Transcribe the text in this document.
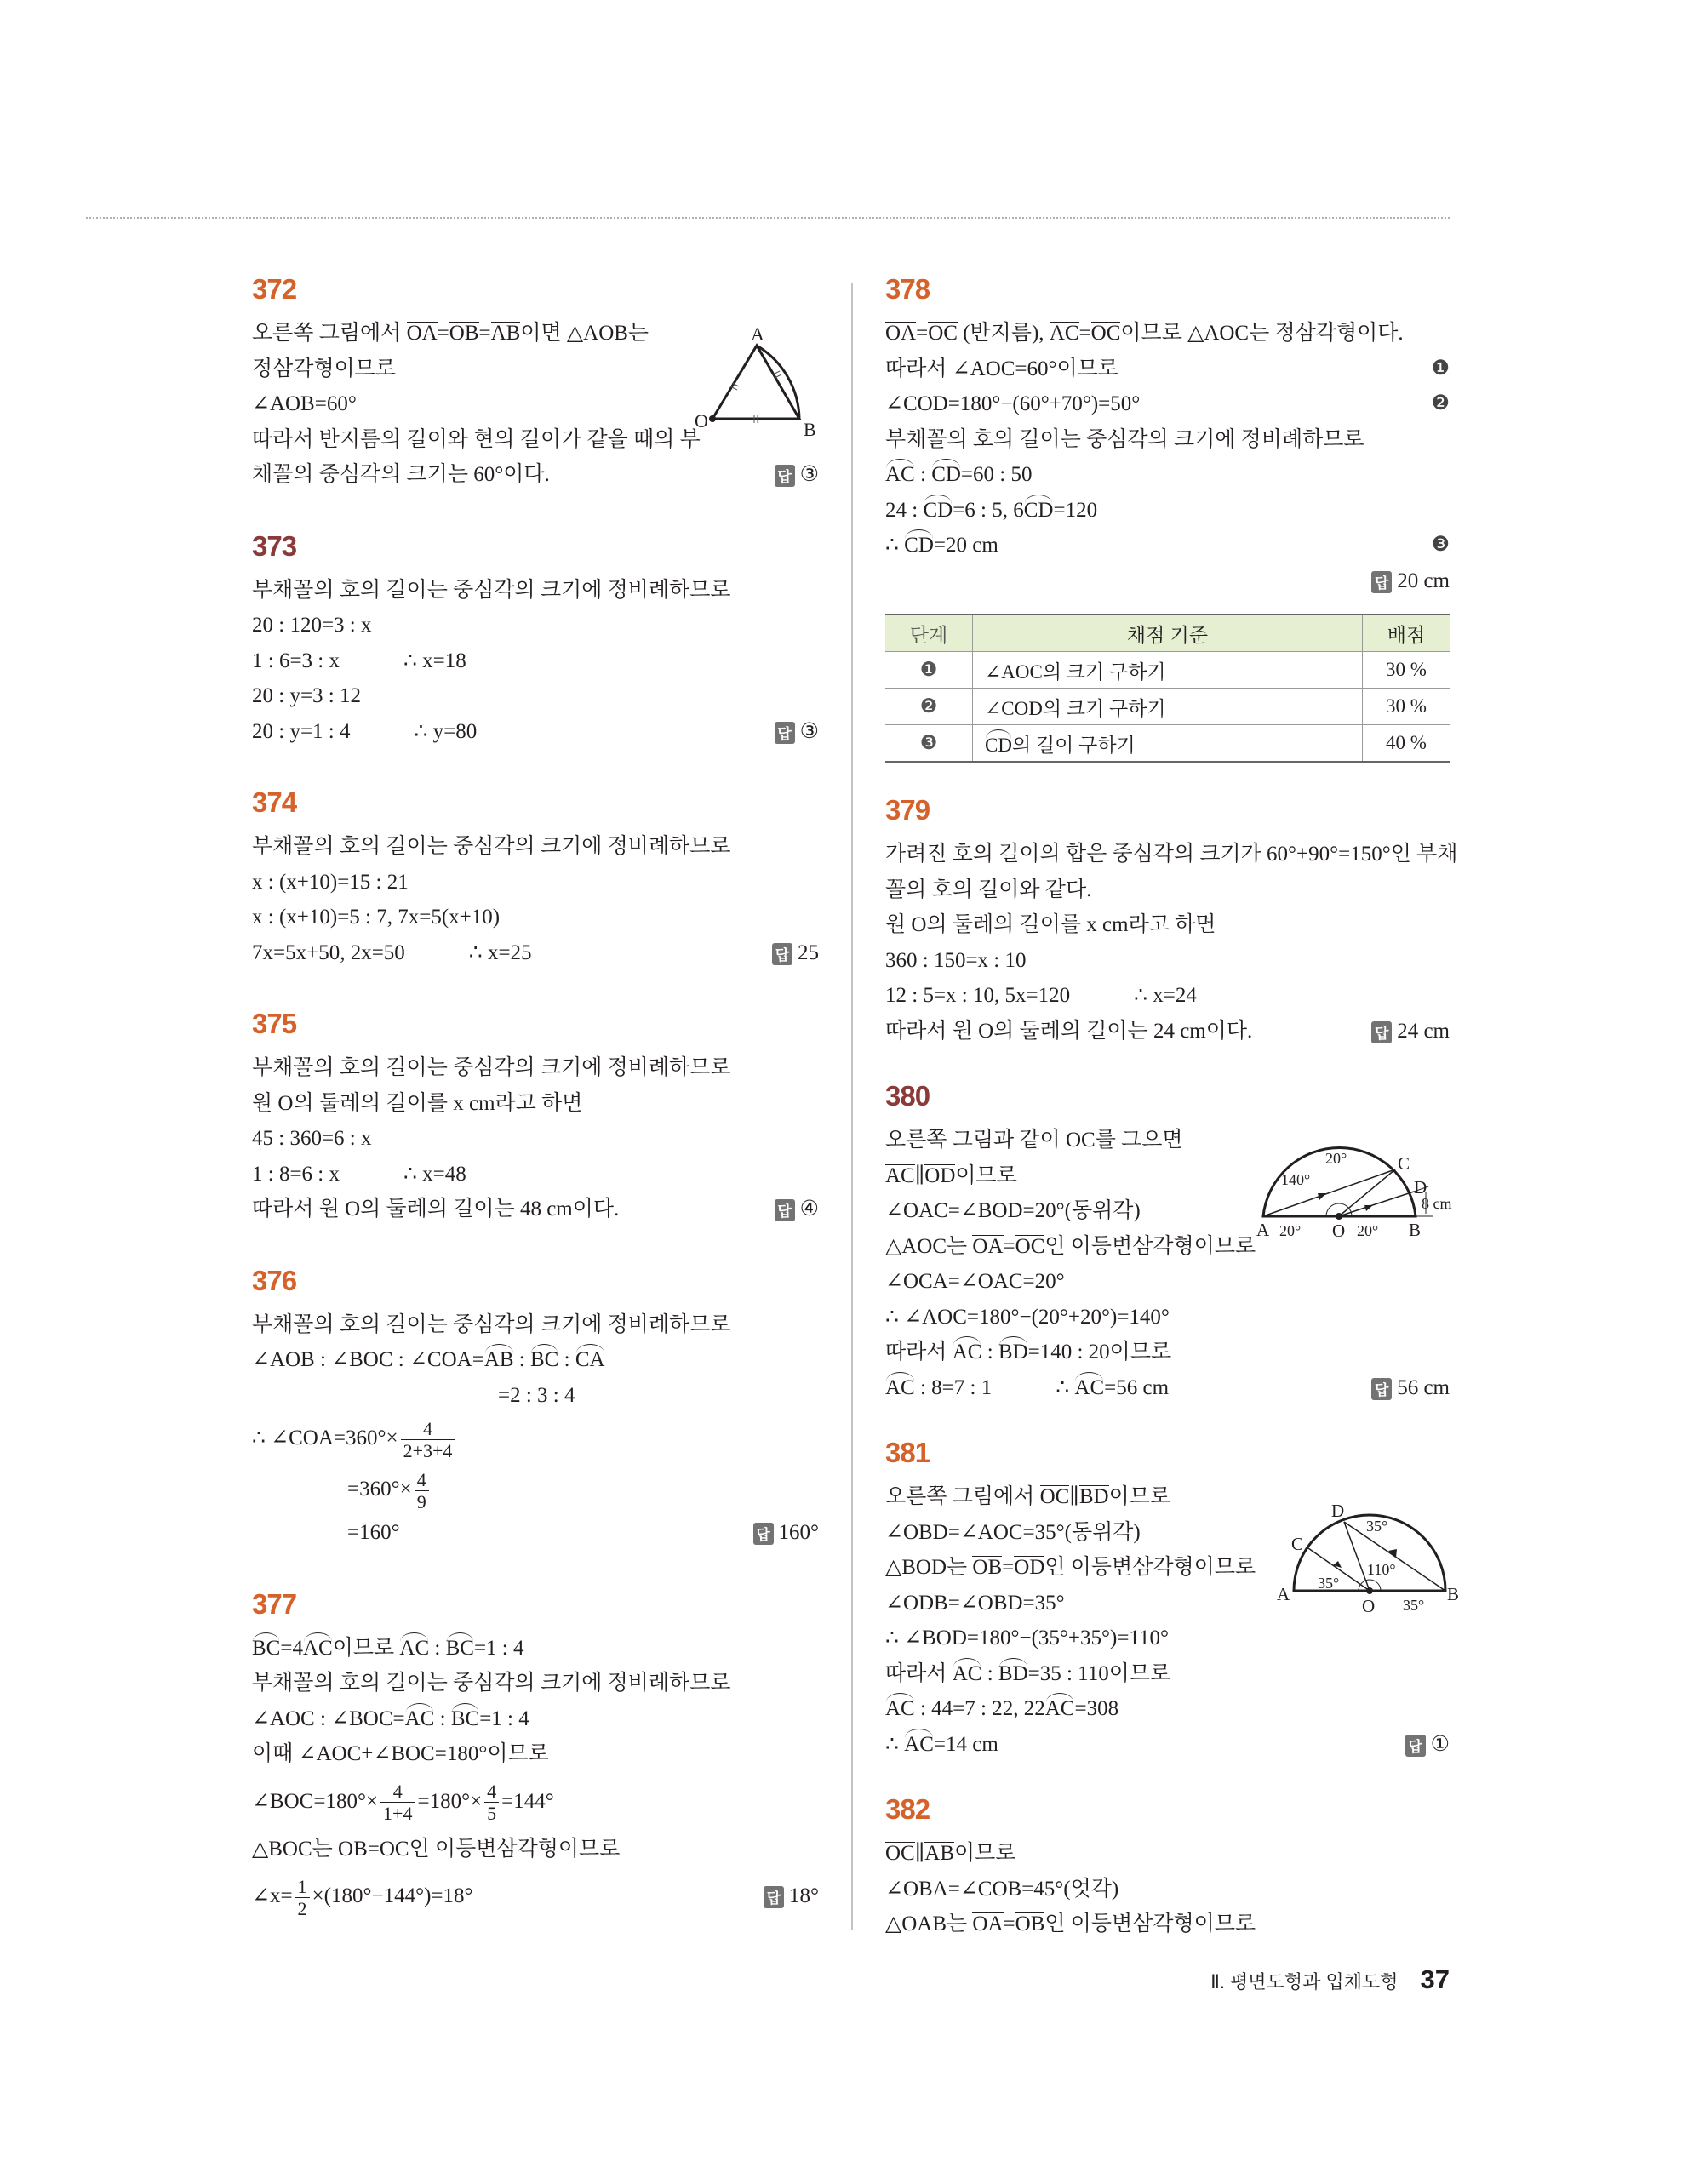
372
오른쪽 그림에서 OA=OB=AB이면 △AOB는
정삼각형이므로
∠AOB=60°
따라서 반지름의 길이와 현의 길이가 같을 때의 부
채꼴의 중심각의 크기는 60°이다.	답 ③
A
O	B
373
부채꼴의 호의 길이는 중심각의 크기에 정비례하므로
20 : 120=3 : x
1 : 6=3 : x   ∴ x=18
20 : y=3 : 12
20 : y=1 : 4   ∴ y=80	답 ③
374
부채꼴의 호의 길이는 중심각의 크기에 정비례하므로
x : (x+10)=15 : 21
x : (x+10)=5 : 7, 7x=5(x+10)
7x=5x+50, 2x=50   ∴ x=25	답 25
375
부채꼴의 호의 길이는 중심각의 크기에 정비례하므로
원 O의 둘레의 길이를 x cm라고 하면
45 : 360=6 : x
1 : 8=6 : x   ∴ x=48
따라서 원 O의 둘레의 길이는 48 cm이다.	답 ④
376
부채꼴의 호의 길이는 중심각의 크기에 정비례하므로
∠AOB : ∠BOC : ∠COA=AB : BC : CA
=2 : 3 : 4
∴ ∠COA=360°× $\frac{4}{2+3+4}$
$=360^\circ\times \frac{4}{9}$
=160°	답 160°
377
BC=4AC이므로 AC : BC=1 : 4
부채꼴의 호의 길이는 중심각의 크기에 정비례하므로
∠AOC : ∠BOC=AC : BC=1 : 4
이때 ∠AOC+∠BOC=180°이므로
∠BOC=180°× $\frac{4}{1+4} =180^\circ\times \frac{4}{5} =144^\circ$
△BOC는 OB=OC인 이등변삼각형이므로
∠x= $\frac{1}{2} \times(180^\circ-144^\circ)=18^\circ$	답 18°
378
OA=OC (반지름), AC=OC이므로 △AOC는 정삼각형이다.
따라서 ∠AOC=60°이므로	❶
∠COD=180°−(60°+70°)=50°	❷
부채꼴의 호의 길이는 중심각의 크기에 정비례하므로
AC : CD=60 : 50
24 : CD=6 : 5, 6CD=120
∴ CD=20 cm	❸
답 20 cm
단계	채점 기준	배점
❶	∠AOC의 크기 구하기	30 %
❷	∠COD의 크기 구하기	30 %
❸	CD의 길이 구하기	40 %
379
가려진 호의 길이의 합은 중심각의 크기가 60°+90°=150°인 부채
꼴의 호의 길이와 같다.
원 O의 둘레의 길이를 x cm라고 하면
360 : 150=x : 10
12 : 5=x : 10, 5x=120   ∴ x=24
따라서 원 O의 둘레의 길이는 24 cm이다.	답 24 cm
380
오른쪽 그림과 같이 OC를 그으면
AC∥OD이므로
∠OAC=∠BOD=20°(동위각)
△AOC는 OA=OC인 이등변삼각형이므로
∠OCA=∠OAC=20°
∴ ∠AOC=180°−(20°+20°)=140°
따라서 AC : BD=140 : 20이므로
AC : 8=7 : 1   ∴ AC=56 cm	답 56 cm
A	O	B
C
D
140°
20°
20°	20°
8 cm
381
오른쪽 그림에서 OC∥BD이므로
∠OBD=∠AOC=35°(동위각)
△BOD는 OB=OD인 이등변삼각형이므로
∠ODB=∠OBD=35°
∴ ∠BOD=180°−(35°+35°)=110°
따라서 AC : BD=35 : 110이므로
AC : 44=7 : 22, 22AC=308
∴ AC=14 cm	답 ①
A
O
B
C
D
35°
110°
35°
35°
382
OC∥AB이므로
∠OBA=∠COB=45°(엇각)
△OAB는 OA=OB인 이등변삼각형이므로
Ⅱ. 평면도형과 입체도형 37
